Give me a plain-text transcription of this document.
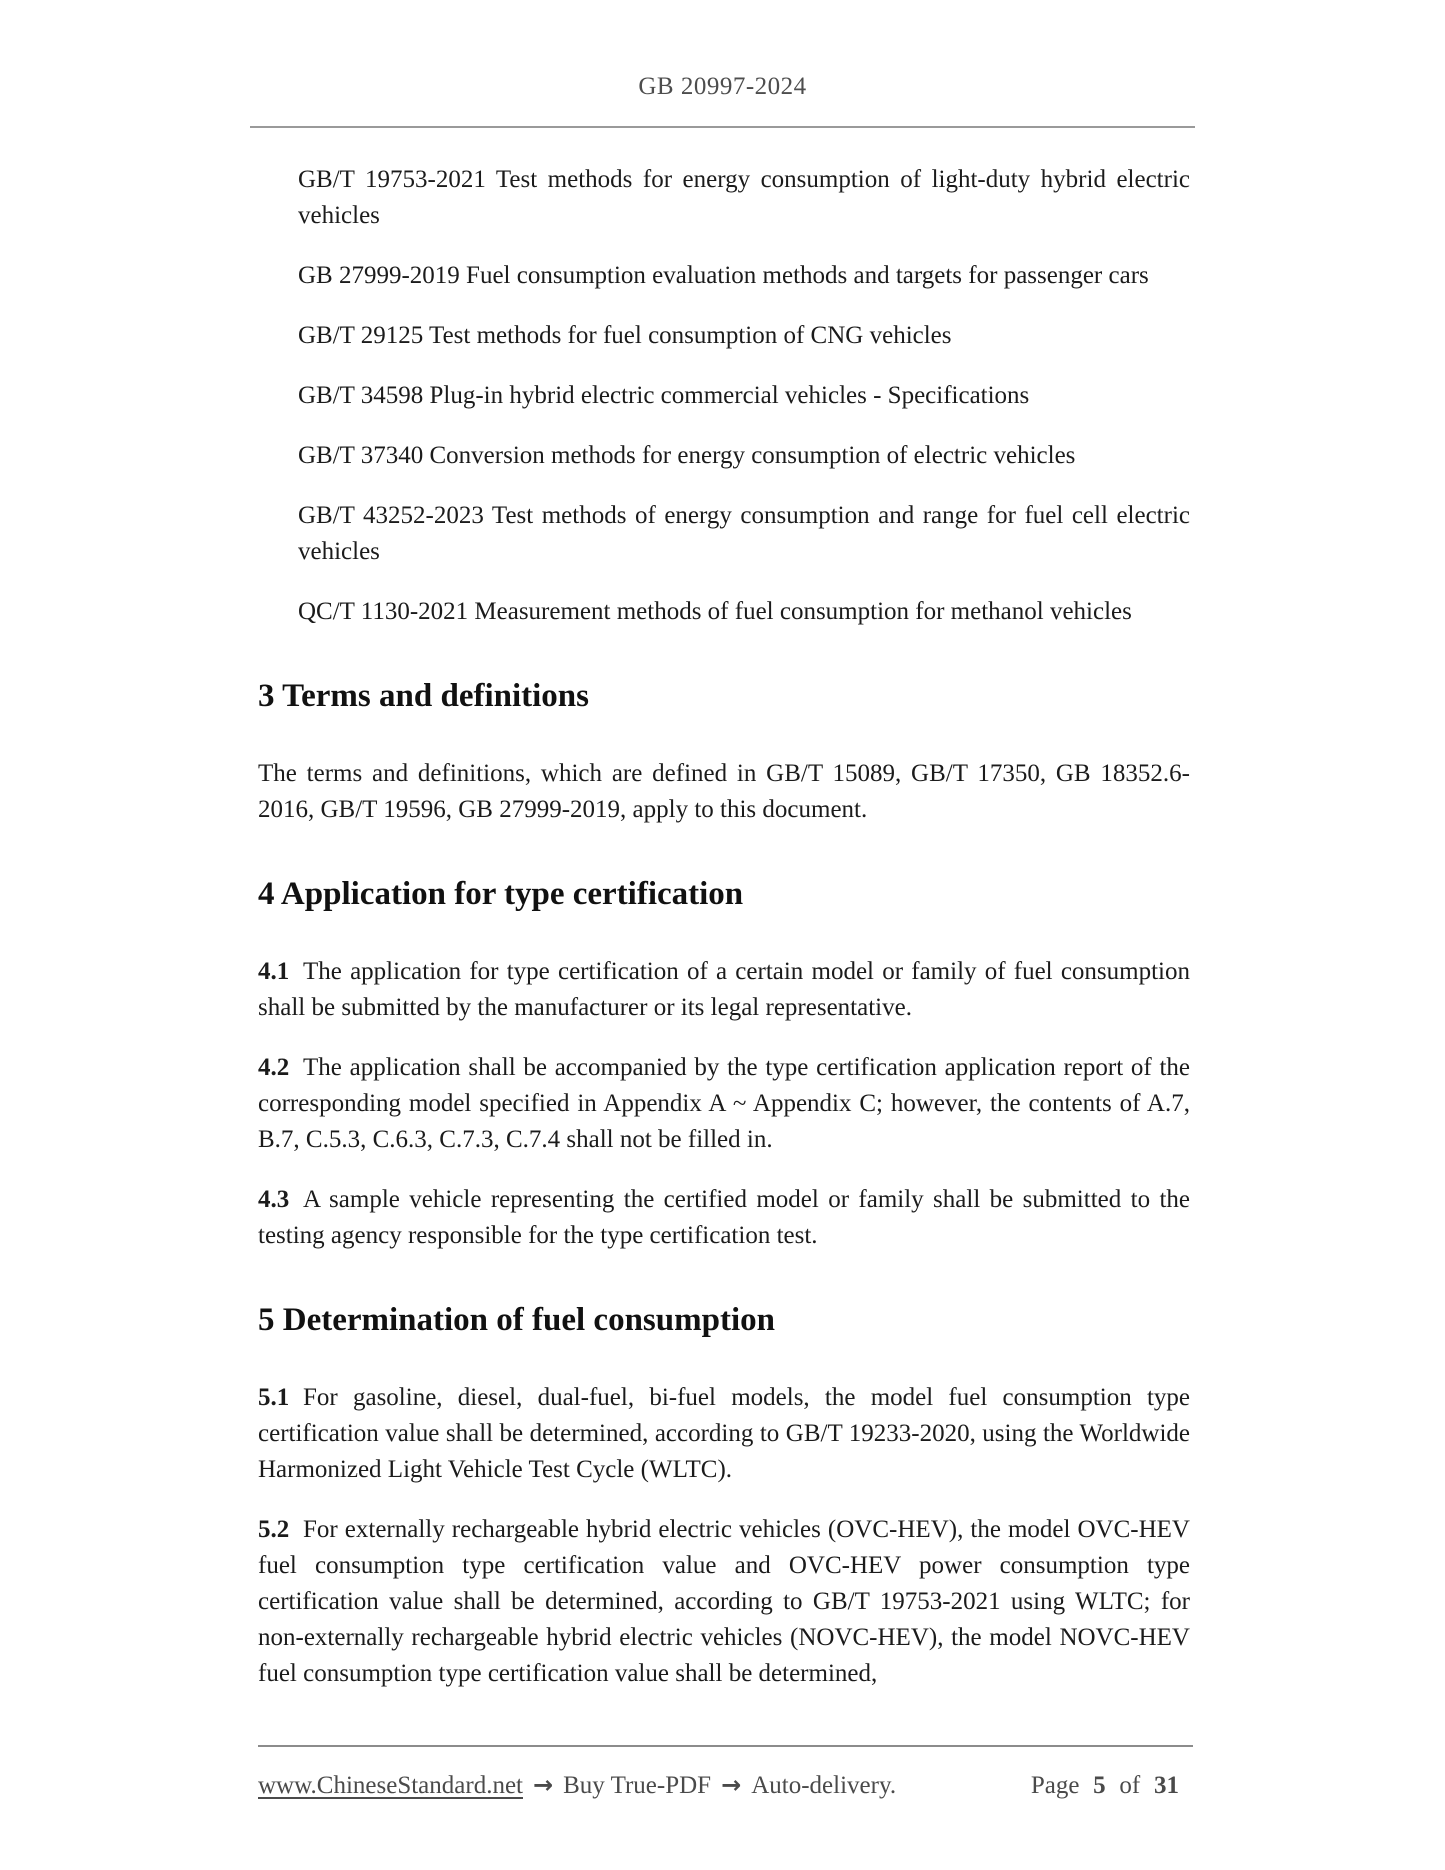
GB 20997-2024

GB/T 19753-2021 Test methods for energy consumption of light-duty hybrid electric vehicles

GB 27999-2019 Fuel consumption evaluation methods and targets for passenger cars

GB/T 29125 Test methods for fuel consumption of CNG vehicles

GB/T 34598 Plug-in hybrid electric commercial vehicles - Specifications

GB/T 37340 Conversion methods for energy consumption of electric vehicles

GB/T 43252-2023 Test methods of energy consumption and range for fuel cell electric vehicles

QC/T 1130-2021 Measurement methods of fuel consumption for methanol vehicles

3 Terms and definitions

The terms and definitions, which are defined in GB/T 15089, GB/T 17350, GB 18352.6-2016, GB/T 19596, GB 27999-2019, apply to this document.

4 Application for type certification

4.1 The application for type certification of a certain model or family of fuel consumption shall be submitted by the manufacturer or its legal representative.

4.2 The application shall be accompanied by the type certification application report of the corresponding model specified in Appendix A ~ Appendix C; however, the contents of A.7, B.7, C.5.3, C.6.3, C.7.3, C.7.4 shall not be filled in.

4.3 A sample vehicle representing the certified model or family shall be submitted to the testing agency responsible for the type certification test.

5 Determination of fuel consumption

5.1 For gasoline, diesel, dual-fuel, bi-fuel models, the model fuel consumption type certification value shall be determined, according to GB/T 19233-2020, using the Worldwide Harmonized Light Vehicle Test Cycle (WLTC).

5.2 For externally rechargeable hybrid electric vehicles (OVC-HEV), the model OVC-HEV fuel consumption type certification value and OVC-HEV power consumption type certification value shall be determined, according to GB/T 19753-2021 using WLTC; for non-externally rechargeable hybrid electric vehicles (NOVC-HEV), the model NOVC-HEV fuel consumption type certification value shall be determined,

www.ChineseStandard.net → Buy True-PDF → Auto-delivery.	Page 5 of 31
